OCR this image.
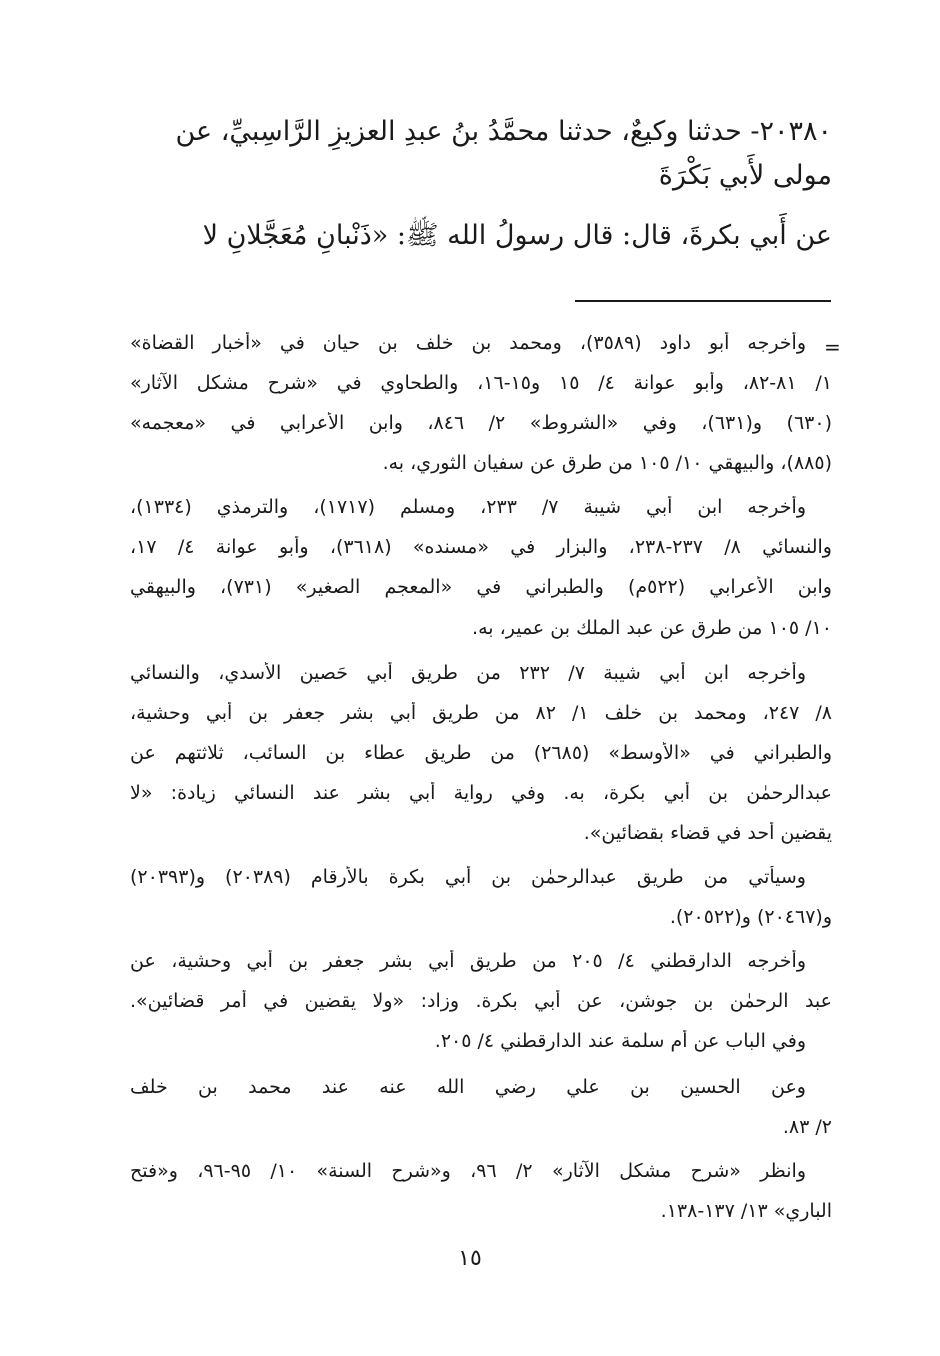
٢٠٣٨٠- حدثنا وكيعٌ، حدثنا محمَّدُ بنُ عبدِ العزيزِ الرَّاسِبيِّ، عن
مولى لأَبي بَكْرَةَ
عن أَبي بكرةَ، قال: قال رسولُ الله ﷺ: «ذَنْبانِ مُعَجَّلانِ لا
=
وأخرجه أبو داود (٣٥٨٩)، ومحمد بن خلف بن حيان في «أخبار القضاة»
١/ ٨١-٨٢، وأبو عوانة ٤/ ١٥ و١٥-١٦، والطحاوي في «شرح مشكل الآثار»
(٦٣٠) و(٦٣١)، وفي «الشروط» ٢/ ٨٤٦، وابن الأعرابي في «معجمه»
(٨٨٥)، والبيهقي ١٠/ ١٠٥ من طرق عن سفيان الثوري، به.
وأخرجه ابن أبي شيبة ٧/ ٢٣٣، ومسلم (١٧١٧)، والترمذي (١٣٣٤)،
والنسائي ٨/ ٢٣٧-٢٣٨، والبزار في «مسنده» (٣٦١٨)، وأبو عوانة ٤/ ١٧،
وابن الأعرابي (٥٢٢م) والطبراني في «المعجم الصغير» (٧٣١)، والبيهقي
١٠/ ١٠٥ من طرق عن عبد الملك بن عمير، به.
وأخرجه ابن أبي شيبة ٧/ ٢٣٢ من طريق أبي حَصين الأسدي، والنسائي
٨/ ٢٤٧، ومحمد بن خلف ١/ ٨٢ من طريق أبي بشر جعفر بن أبي وحشية،
والطبراني في «الأوسط» (٢٦٨٥) من طريق عطاء بن السائب، ثلاثتهم عن
عبدالرحمٰن بن أبي بكرة، به. وفي رواية أبي بشر عند النسائي زيادة: «لا
يقضين أحد في قضاء بقضائين».
وسيأتي من طريق عبدالرحمٰن بن أبي بكرة بالأرقام (٢٠٣٨٩) و(٢٠٣٩٣)
و(٢٠٤٦٧) و(٢٠٥٢٢).
وأخرجه الدارقطني ٤/ ٢٠٥ من طريق أبي بشر جعفر بن أبي وحشية، عن
عبد الرحمٰن بن جوشن، عن أبي بكرة. وزاد: «ولا يقضين في أمر قضائين».
وفي الباب عن أم سلمة عند الدارقطني ٤/ ٢٠٥.
وعن الحسين بن علي رضي الله عنه عند محمد بن خلف
٢/ ٨٣.
وانظر «شرح مشكل الآثار» ٢/ ٩٦، و«شرح السنة» ١٠/ ٩٥-٩٦، و«فتح
الباري» ١٣/ ١٣٧-١٣٨.
١٥
